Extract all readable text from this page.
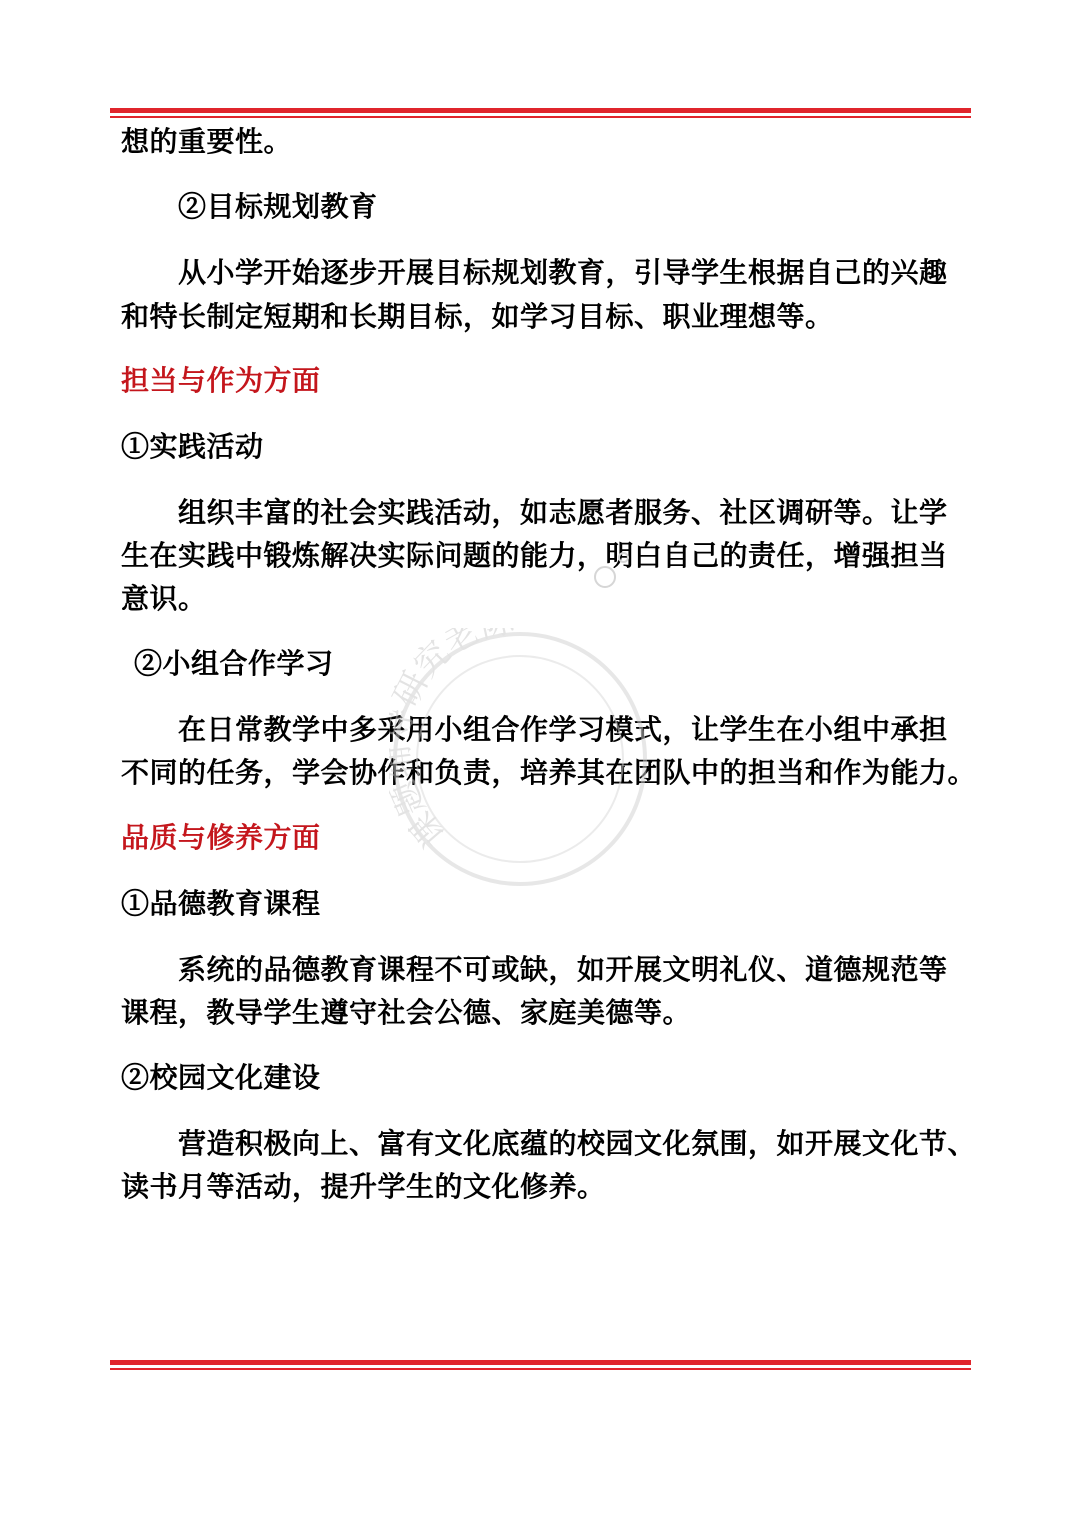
想的重要性。
②目标规划教育
从小学开始逐步开展目标规划教育，引导学生根据自己的兴趣
和特长制定短期和长期目标，如学习目标、职业理想等。
担当与作为方面
①实践活动
组织丰富的社会实践活动，如志愿者服务、社区调研等。让学
生在实践中锻炼解决实际问题的能力，明白自己的责任，增强担当
意识。
②小组合作学习
在日常教学中多采用小组合作学习模式，让学生在小组中承担
不同的任务，学会协作和负责，培养其在团队中的担当和作为能力。
品质与修养方面
①品德教育课程
系统的品德教育课程不可或缺，如开展文明礼仪、道德规范等
课程，教导学生遵守社会公德、家庭美德等。
②校园文化建设
营造积极向上、富有文化底蕴的校园文化氛围，如开展文化节、
读书月等活动，提升学生的文化修养。
课题辅导研究老陈
